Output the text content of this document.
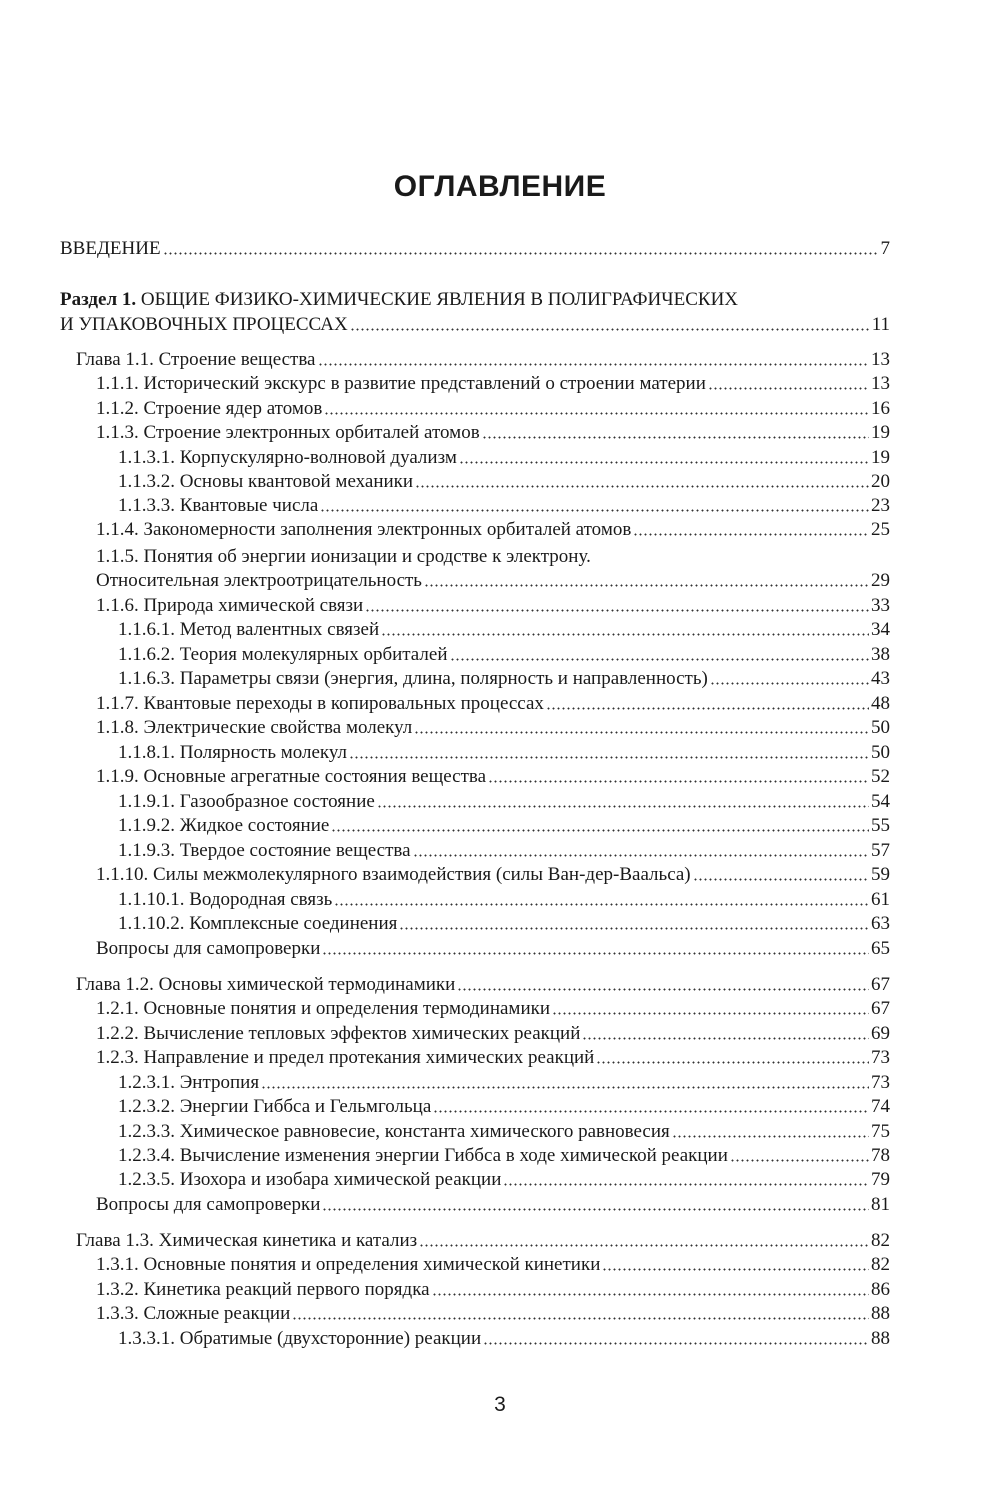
ОГЛАВЛЕНИЕ
ВВЕДЕНИЕ	7
Раздел 1. ОБЩИЕ ФИЗИКО-ХИМИЧЕСКИЕ ЯВЛЕНИЯ В ПОЛИГРАФИЧЕСКИХ
И УПАКОВОЧНЫХ ПРОЦЕССАХ	11
Глава 1.1. Строение вещества	13
1.1.1. Исторический экскурс в развитие представлений о строении материи	13
1.1.2. Строение ядер атомов	16
1.1.3. Строение электронных орбиталей атомов	19
1.1.3.1. Корпускулярно-волновой дуализм	19
1.1.3.2. Основы квантовой механики	20
1.1.3.3. Квантовые числа	23
1.1.4. Закономерности заполнения электронных орбиталей атомов	25
1.1.5. Понятия об энергии ионизации и сродстве к электрону.
Относительная электроотрицательность	29
1.1.6. Природа химической связи	33
1.1.6.1. Метод валентных связей	34
1.1.6.2. Теория молекулярных орбиталей	38
1.1.6.3. Параметры связи (энергия, длина, полярность и направленность)	43
1.1.7. Квантовые переходы в копировальных процессах	48
1.1.8. Электрические свойства молекул	50
1.1.8.1. Полярность молекул	50
1.1.9. Основные агрегатные состояния вещества	52
1.1.9.1. Газообразное состояние	54
1.1.9.2. Жидкое состояние	55
1.1.9.3. Твердое состояние вещества	57
1.1.10. Силы межмолекулярного взаимодействия (силы Ван-дер-Ваальса)	59
1.1.10.1. Водородная связь	61
1.1.10.2. Комплексные соединения	63
Вопросы для самопроверки	65
Глава 1.2. Основы химической термодинамики	67
1.2.1. Основные понятия и определения термодинамики	67
1.2.2. Вычисление тепловых эффектов химических реакций	69
1.2.3. Направление и предел протекания химических реакций	73
1.2.3.1. Энтропия	73
1.2.3.2. Энергии Гиббса и Гельмгольца	74
1.2.3.3. Химическое равновесие, константа химического равновесия	75
1.2.3.4. Вычисление изменения энергии Гиббса в ходе химической реакции	78
1.2.3.5. Изохора и изобара химической реакции	79
Вопросы для самопроверки	81
Глава 1.3. Химическая кинетика и катализ	82
1.3.1. Основные понятия и определения химической кинетики	82
1.3.2. Кинетика реакций первого порядка	86
1.3.3. Сложные реакции	88
1.3.3.1. Обратимые (двухсторонние) реакции	88
3
